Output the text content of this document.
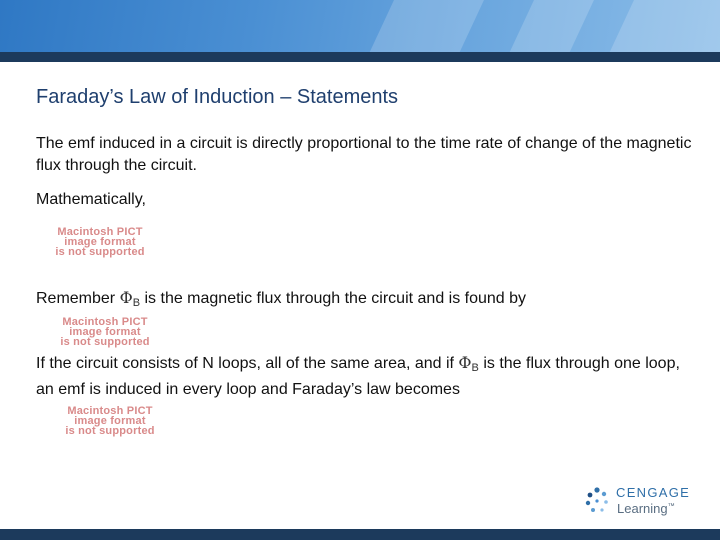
Faraday’s Law of Induction – Statements

The emf induced in a circuit is directly proportional to the time rate of change of the magnetic flux through the circuit.

Mathematically,

Macintosh PICT
image format
is not supported

Remember $\Phi_B$ is the magnetic flux through the circuit and is found by

Macintosh PICT
image format
is not supported

If the circuit consists of N loops, all of the same area, and if $\Phi_B$ is the flux through one loop, an emf is induced in every loop and Faraday’s law becomes

Macintosh PICT
image format
is not supported
CENGAGE
Learning™
